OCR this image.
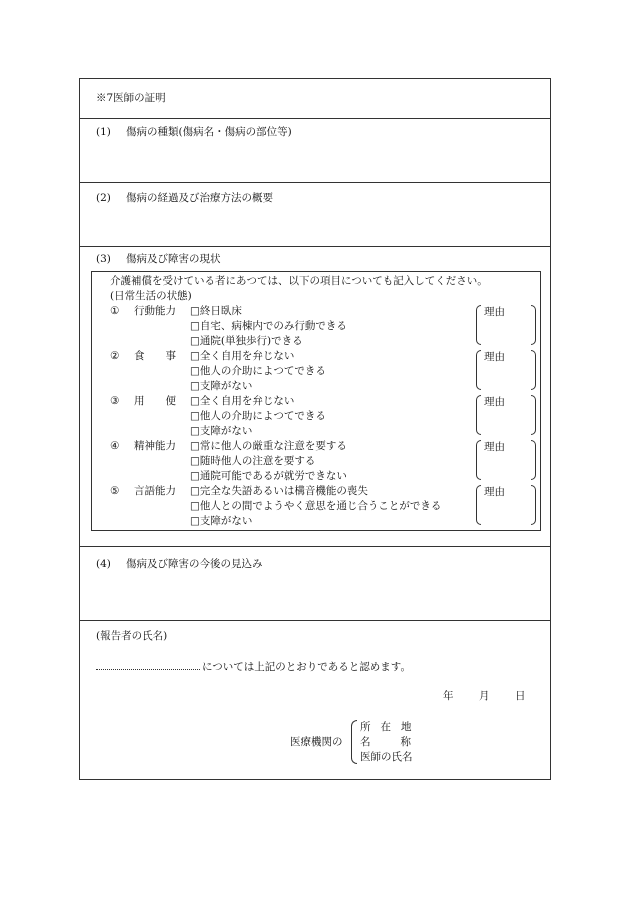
※7医師の証明
(1) 傷病の種類(傷病名・傷病の部位等)
(2) 傷病の経過及び治療方法の概要
(3) 傷病及び障害の現状
介護補償を受けている者にあつては、以下の項目についても記入してください。
(日常生活の状態)
① 行動能力	□終日臥床
□自宅、病棟内でのみ行動できる
□通院(単独歩行)できる
理由
② 食　　事	□全く自用を弁じない
□他人の介助によつてできる
□支障がない
理由
③ 用　　便	□全く自用を弁じない
□他人の介助によつてできる
□支障がない
理由
④ 精神能力	□常に他人の厳重な注意を要する
□随時他人の注意を要する
□通院可能であるが就労できない
理由
⑤ 言語能力	□完全な失語あるいは構音機能の喪失
□他人との間でようやく意思を通じ合うことができる
□支障がない
理由
(4) 傷病及び障害の今後の見込み
(報告者の氏名)
については上記のとおりであると認めます。
年 月 日
医療機関の
所在地
名称
医師の氏名
